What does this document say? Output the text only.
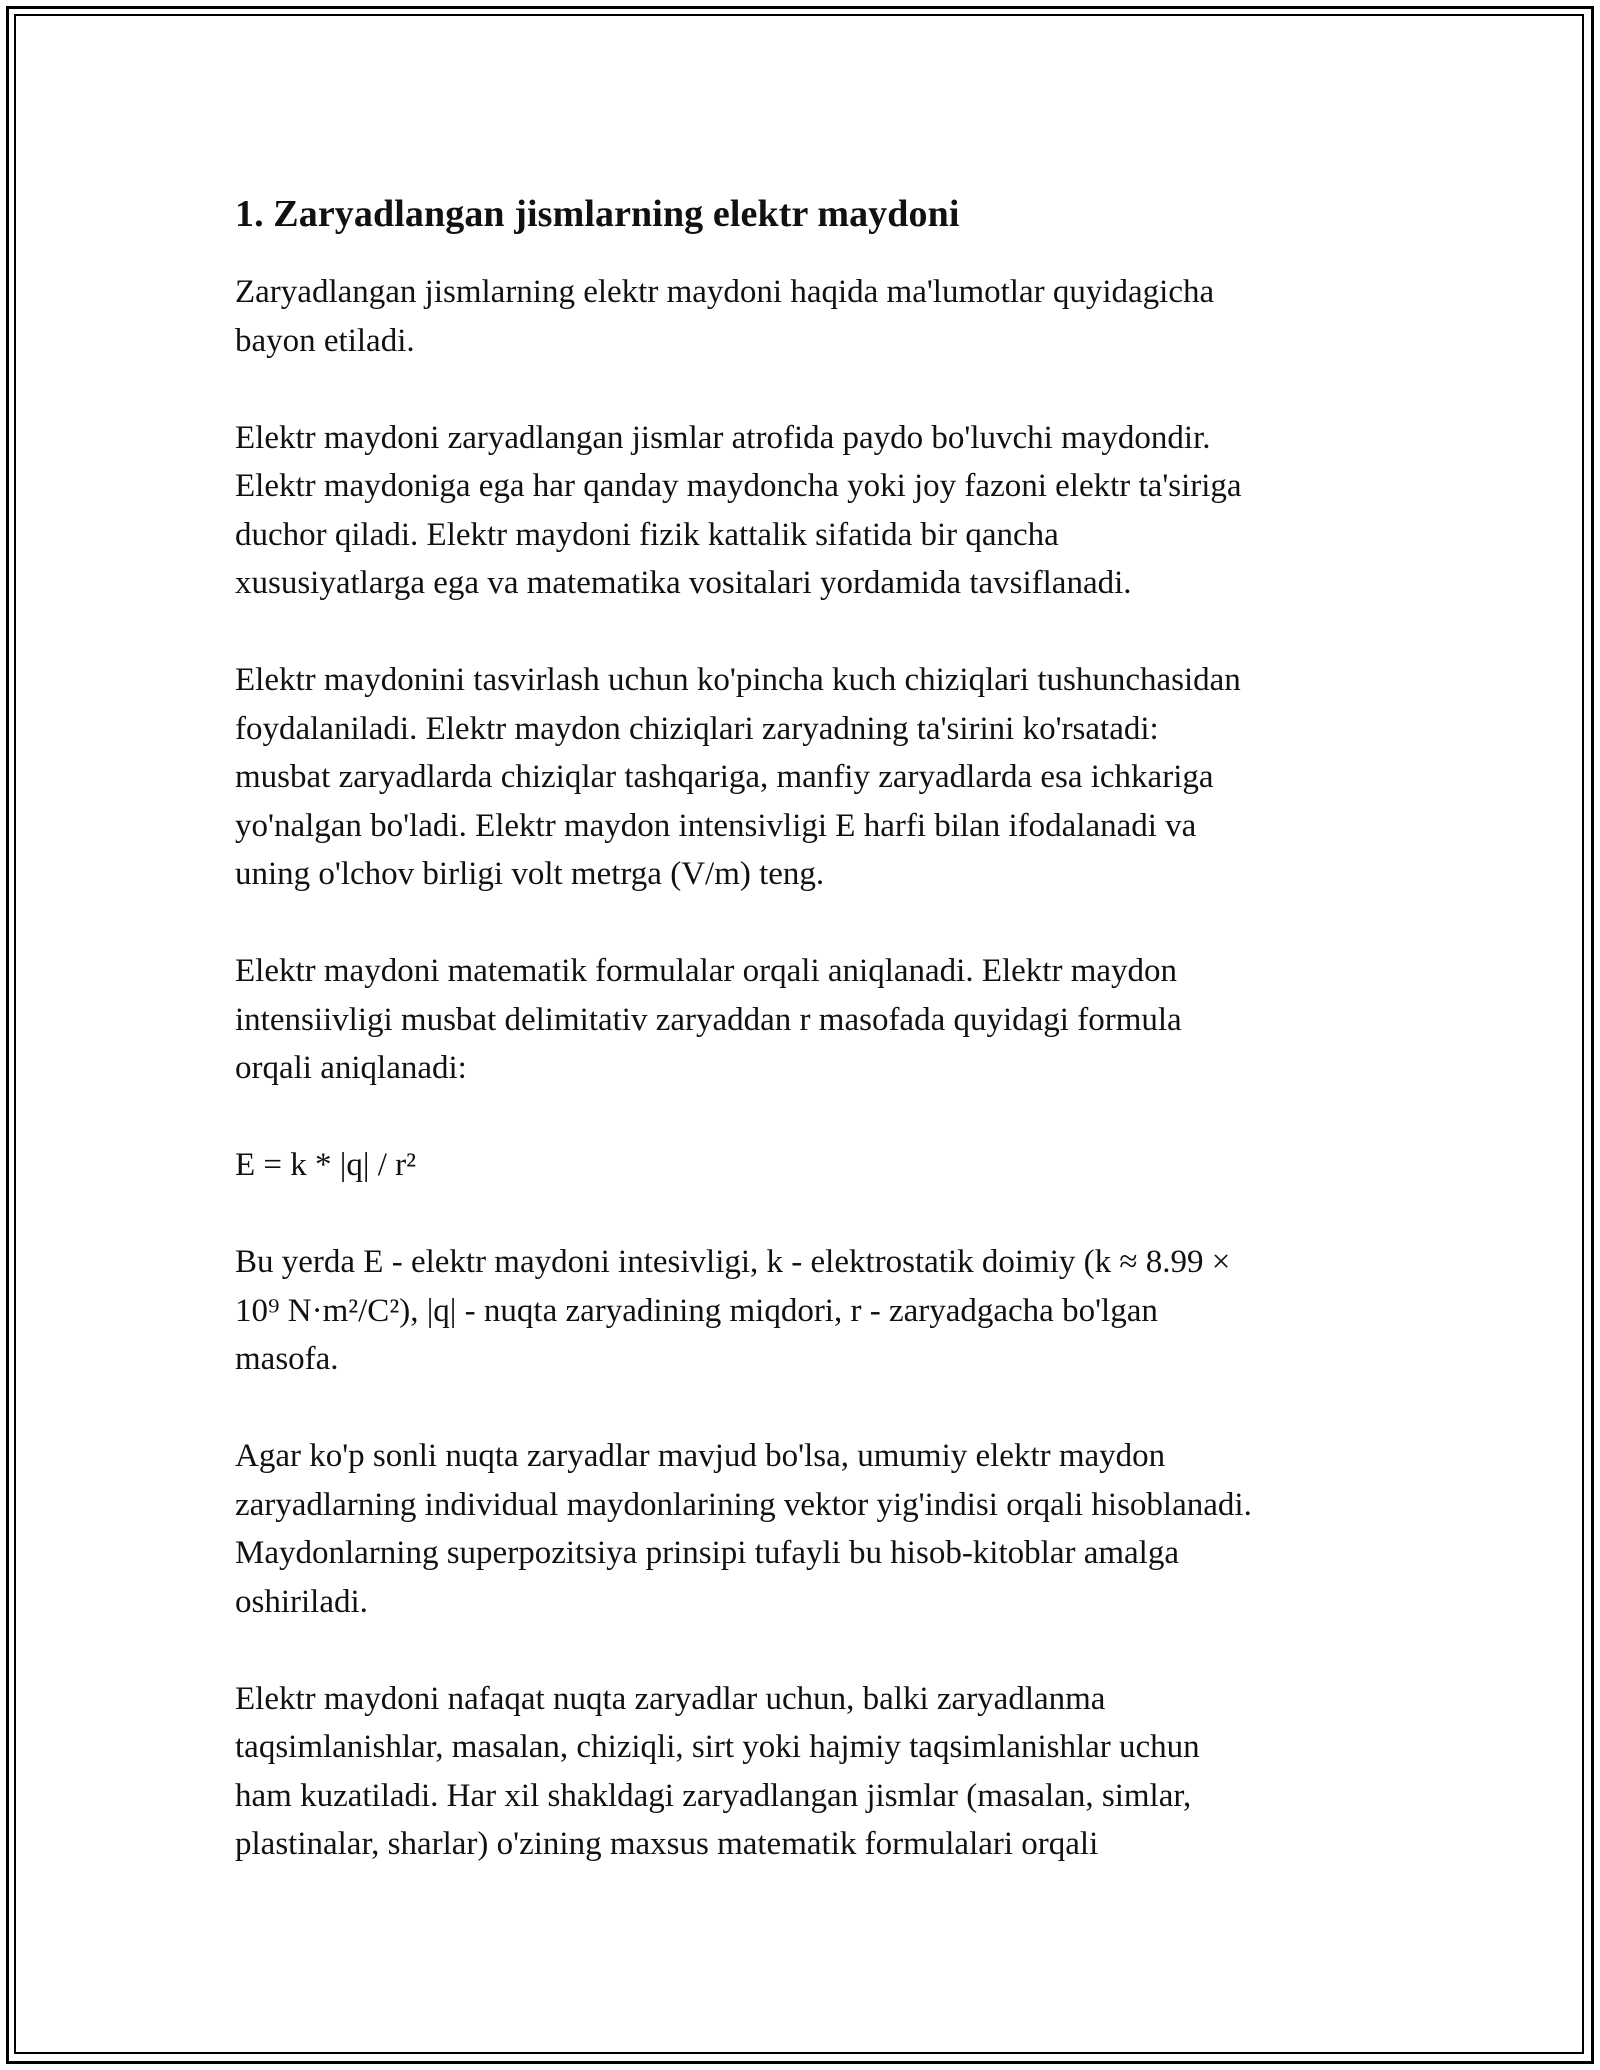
1. Zaryadlangan jismlarning elektr maydoni
Zaryadlangan jismlarning elektr maydoni haqida ma'lumotlar quyidagicha
bayon etiladi.
Elektr maydoni zaryadlangan jismlar atrofida paydo bo'luvchi maydondir.
Elektr maydoniga ega har qanday maydoncha yoki joy fazoni elektr ta'siriga
duchor qiladi. Elektr maydoni fizik kattalik sifatida bir qancha
xususiyatlarga ega va matematika vositalari yordamida tavsiflanadi.
Elektr maydonini tasvirlash uchun ko'pincha kuch chiziqlari tushunchasidan
foydalaniladi. Elektr maydon chiziqlari zaryadning ta'sirini ko'rsatadi:
musbat zaryadlarda chiziqlar tashqariga, manfiy zaryadlarda esa ichkariga
yo'nalgan bo'ladi. Elektr maydon intensivligi E harfi bilan ifodalanadi va
uning o'lchov birligi volt metrga (V/m) teng.
Elektr maydoni matematik formulalar orqali aniqlanadi. Elektr maydon
intensiivligi musbat delimitativ zaryaddan r masofada quyidagi formula
orqali aniqlanadi:
E = k * |q| / r²
Bu yerda E - elektr maydoni intesivligi, k - elektrostatik doimiy (k ≈ 8.99 ×
10⁹ N·m²/C²), |q| - nuqta zaryadining miqdori, r - zaryadgacha bo'lgan
masofa.
Agar ko'p sonli nuqta zaryadlar mavjud bo'lsa, umumiy elektr maydon
zaryadlarning individual maydonlarining vektor yig'indisi orqali hisoblanadi.
Maydonlarning superpozitsiya prinsipi tufayli bu hisob-kitoblar amalga
oshiriladi.
Elektr maydoni nafaqat nuqta zaryadlar uchun, balki zaryadlanma
taqsimlanishlar, masalan, chiziqli, sirt yoki hajmiy taqsimlanishlar uchun
ham kuzatiladi. Har xil shakldagi zaryadlangan jismlar (masalan, simlar,
plastinalar, sharlar) o'zining maxsus matematik formulalari orqali
